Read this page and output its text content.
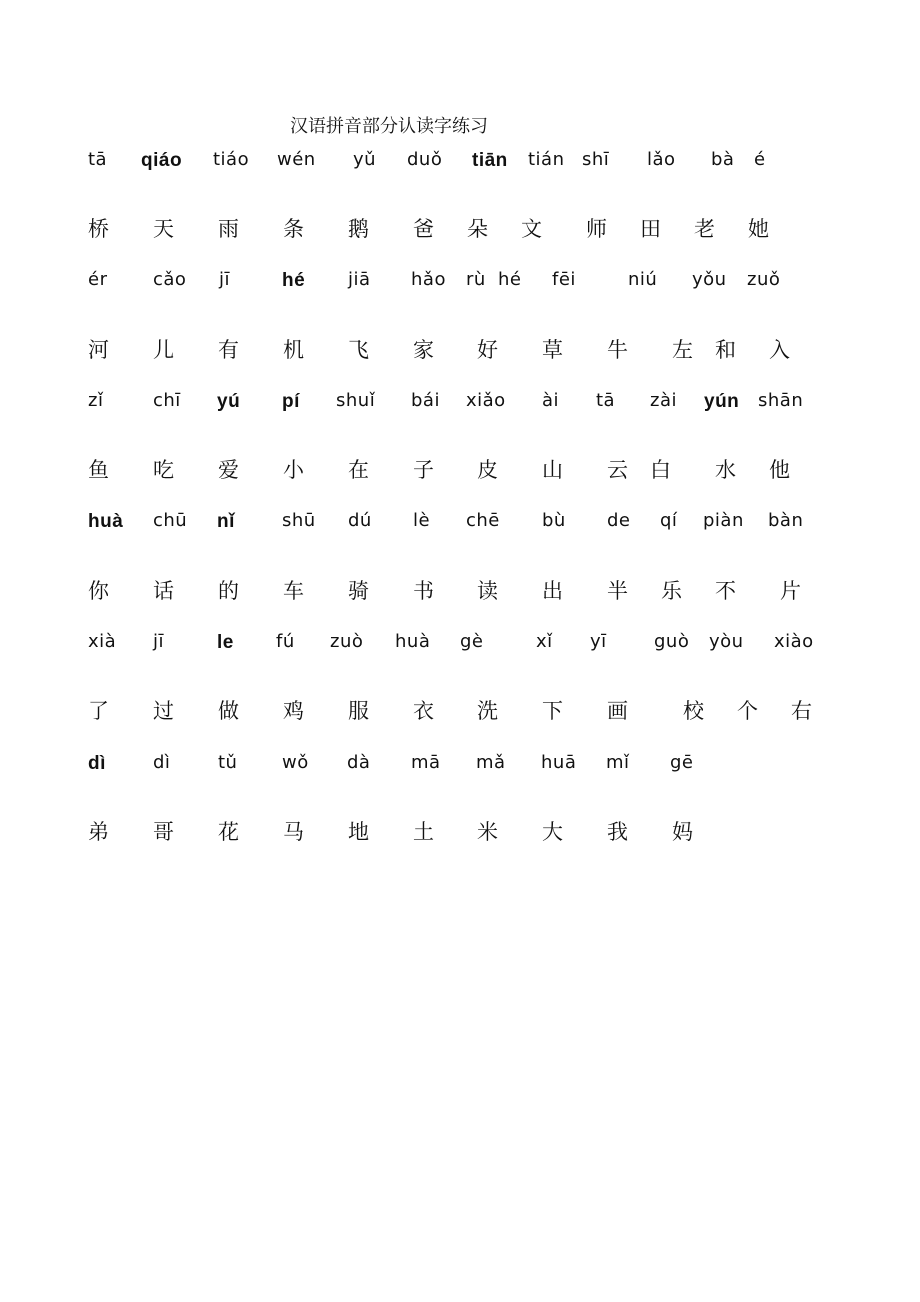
汉语拼音部分认读字练习
tā qiáo tiáo wén yǔ duǒ tiān tián shī lǎo bà é
桥 天 雨 条 鹅 爸 朵 文 师 田 老 她
ér	cǎo jī	hé jiā hǎo rù hé fēi	niú yǒu zuǒ
河 儿 有 机 飞 家 好 草 牛 左 和 入
zǐ	chī yú pí shuǐ bái xiǎo ài tā zài yún shān
鱼 吃 爱 小 在 子 皮 山 云 白 水 他
huà chū nǐ	shū dú lè chē bù de qí piàn bàn
你 话 的 车 骑 书 读 出 半 乐 不 片
xià jī	le fú zuò huà gè	xǐ yī	guò yòu xiào
了 过 做 鸡 服 衣 洗 下 画	校 个 右
dì	dì	tǔ wǒ dà mā mǎ huā mǐ gē
弟 哥 花 马 地 土 米 大 我 妈
